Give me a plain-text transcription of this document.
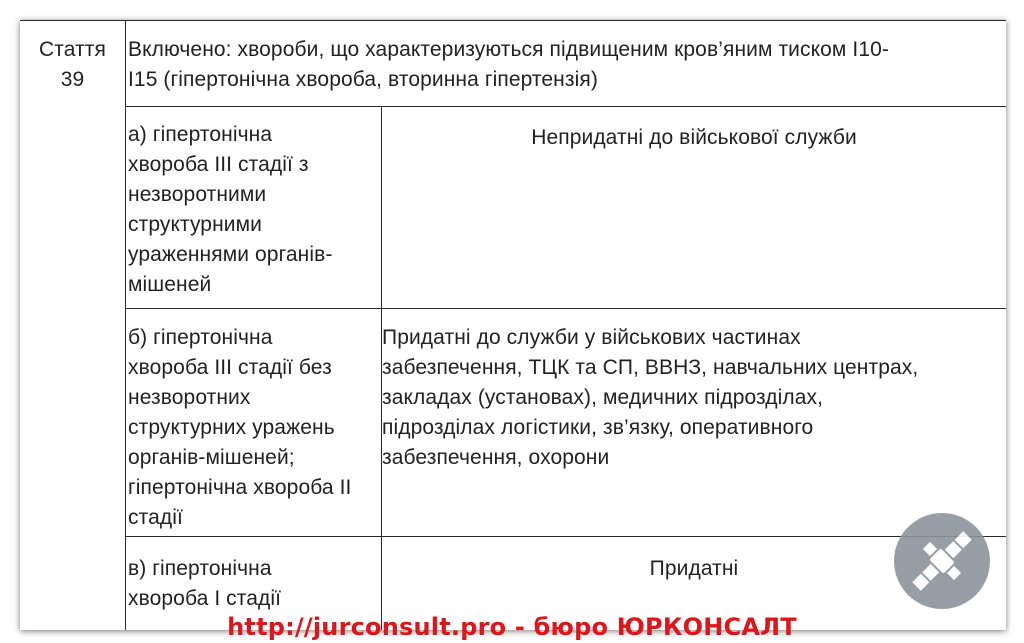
Стаття
39
Включено: хвороби, що характеризуються підвищеним кров’яним тиском I10-
I15 (гіпертонічна хвороба, вторинна гіпертензія)
а) гіпертонічна
хвороба III стадії з
незворотними
структурними
ураженнями органів-
мішеней
Непридатні до військової служби
б) гіпертонічна
хвороба III стадії без
незворотних
структурних уражень
органів-мішеней;
гіпертонічна хвороба II
стадії
Придатні до служби у військових частинах
забезпечення, ТЦК та СП, ВВНЗ, навчальних центрах,
закладах (установах), медичних підрозділах,
підрозділах логістики, зв’язку, оперативного
забезпечення, охорони
в) гіпертонічна
хвороба I стадії
Придатні
http://jurconsult.pro - бюро ЮРКОНСАЛТ
